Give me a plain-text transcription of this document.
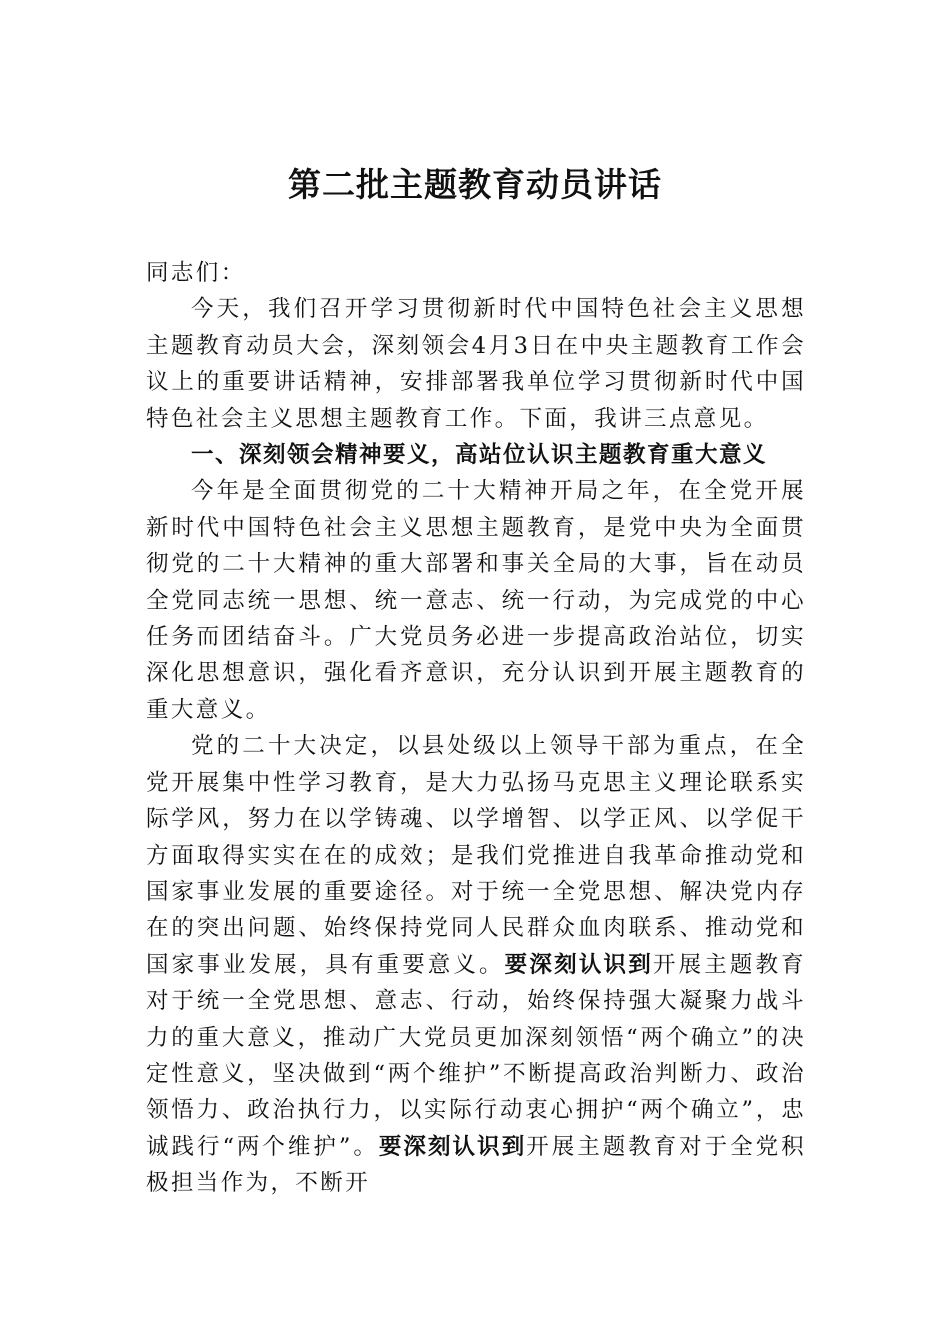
第二批主题教育动员讲话

同志们：

今天，我们召开学习贯彻新时代中国特色社会主义思想主题教育动员大会，深刻领会4月3日在中央主题教育工作会议上的重要讲话精神，安排部署我单位学习贯彻新时代中国特色社会主义思想主题教育工作。下面，我讲三点意见。

一、深刻领会精神要义，高站位认识主题教育重大意义

今年是全面贯彻党的二十大精神开局之年，在全党开展新时代中国特色社会主义思想主题教育，是党中央为全面贯彻党的二十大精神的重大部署和事关全局的大事，旨在动员全党同志统一思想、统一意志、统一行动，为完成党的中心任务而团结奋斗。广大党员务必进一步提高政治站位，切实深化思想意识，强化看齐意识，充分认识到开展主题教育的重大意义。

党的二十大决定，以县处级以上领导干部为重点，在全党开展集中性学习教育，是大力弘扬马克思主义理论联系实际学风，努力在以学铸魂、以学增智、以学正风、以学促干方面取得实实在在的成效；是我们党推进自我革命推动党和国家事业发展的重要途径。对于统一全党思想、解决党内存在的突出问题、始终保持党同人民群众血肉联系、推动党和国家事业发展，具有重要意义。要深刻认识到开展主题教育对于统一全党思想、意志、行动，始终保持强大凝聚力战斗力的重大意义，推动广大党员更加深刻领悟“两个确立”的决定性意义，坚决做到“两个维护”不断提高政治判断力、政治领悟力、政治执行力，以实际行动衷心拥护“两个确立”，忠诚践行“两个维护”。要深刻认识到开展主题教育对于全党积极担当作为，不断开
